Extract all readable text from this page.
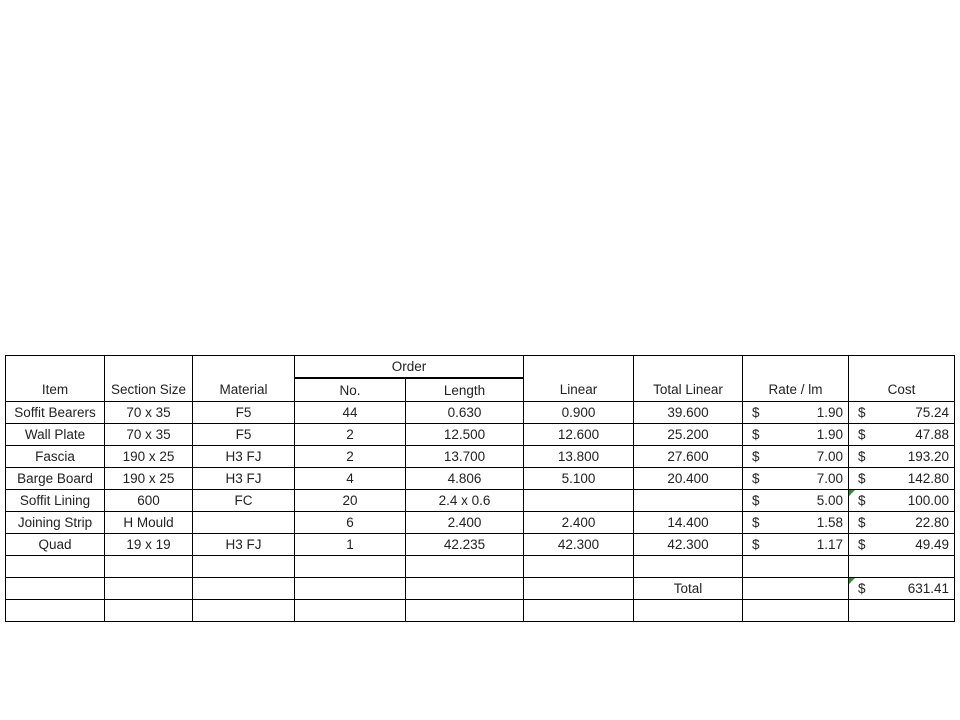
			Order					
Item	Section Size	Material	No.	Length	Linear	Total Linear	Rate / lm	Cost
Soffit Bearers	70 x 35	F5	44	0.630	0.900	39.600	$ 1.90	$ 75.24

Wall Plate	70 x 35	F5	2	12.500	12.600	25.200	$ 1.90	$ 47.88

Fascia	190 x 25	H3 FJ	2	13.700	13.800	27.600	$ 7.00	$ 193.20

Barge Board	190 x 25	H3 FJ	4	4.806	5.100	20.400	$ 7.00	$ 142.80

Soffit Lining	600	FC	20	2.4 x 0.6			$ 5.00	$ 100.00

Joining Strip	H Mould		6	2.400	2.400	14.400	$ 1.58	$ 22.80

Quad	19 x 19	H3 FJ	1	42.235	42.300	42.300	$ 1.17	$ 49.49

						Total		$ 631.41
